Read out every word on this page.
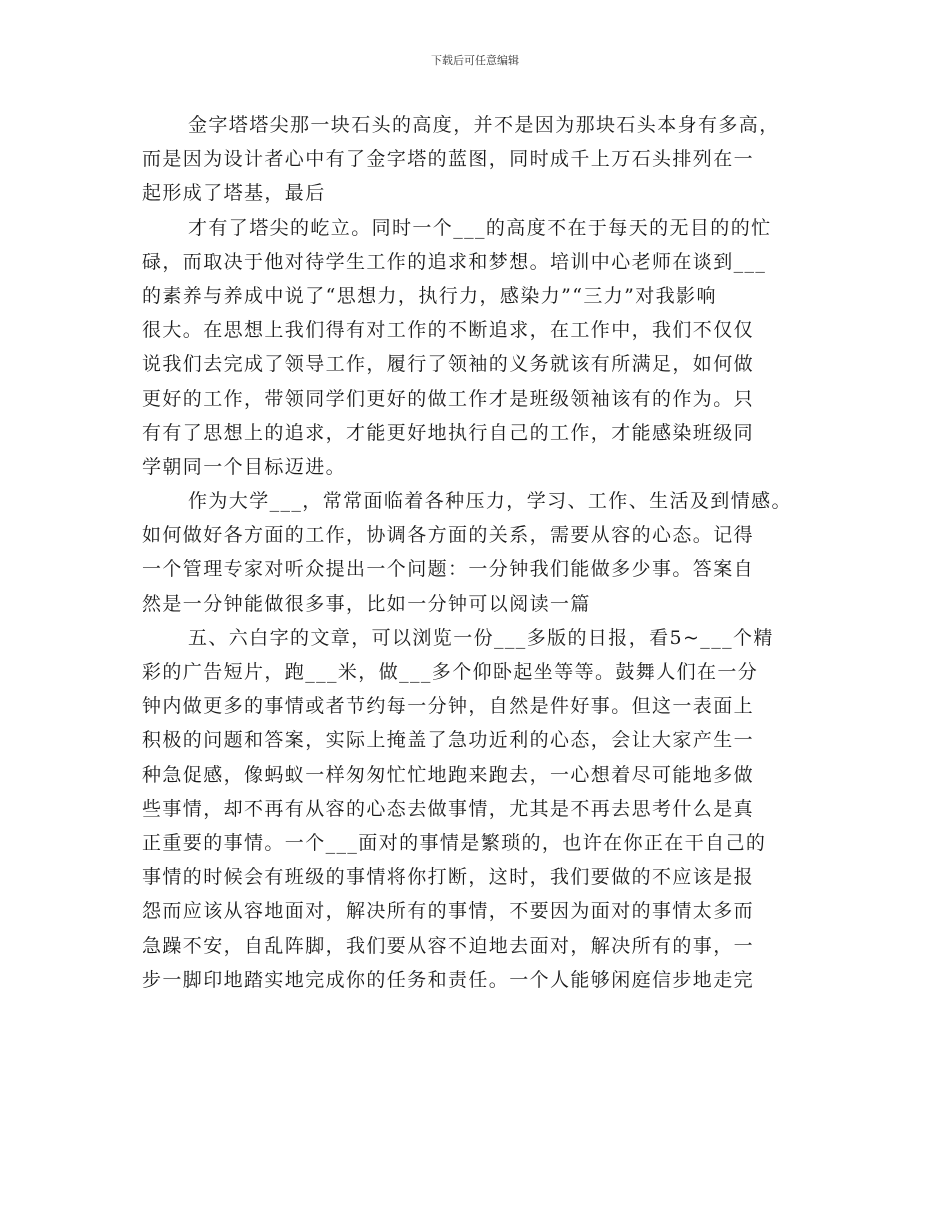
下载后可任意编辑
金字塔塔尖那一块石头的高度，并不是因为那块石头本身有多高，
而是因为设计者心中有了金字塔的蓝图，同时成千上万石头排列在一
起形成了塔基，最后
才有了塔尖的屹立。同时一个___的高度不在于每天的无目的的忙
碌，而取决于他对待学生工作的追求和梦想。培训中心老师在谈到___
的素养与养成中说了“思想力，执行力，感染力”“三力”对我影响
很大。在思想上我们得有对工作的不断追求，在工作中，我们不仅仅
说我们去完成了领导工作，履行了领袖的义务就该有所满足，如何做
更好的工作，带领同学们更好的做工作才是班级领袖该有的作为。只
有有了思想上的追求，才能更好地执行自己的工作，才能感染班级同
学朝同一个目标迈进。
作为大学___，常常面临着各种压力，学习、工作、生活及到情感。
如何做好各方面的工作，协调各方面的关系，需要从容的心态。记得
一个管理专家对听众提出一个问题：一分钟我们能做多少事。答案自
然是一分钟能做很多事，比如一分钟可以阅读一篇
五、六白字的文章，可以浏览一份___多版的日报，看5~___个精
彩的广告短片，跑___米，做___多个仰卧起坐等等。鼓舞人们在一分
钟内做更多的事情或者节约每一分钟，自然是件好事。但这一表面上
积极的问题和答案，实际上掩盖了急功近利的心态，会让大家产生一
种急促感，像蚂蚁一样匆匆忙忙地跑来跑去，一心想着尽可能地多做
些事情，却不再有从容的心态去做事情，尤其是不再去思考什么是真
正重要的事情。一个___面对的事情是繁琐的，也许在你正在干自己的
事情的时候会有班级的事情将你打断，这时，我们要做的不应该是报
怨而应该从容地面对，解决所有的事情，不要因为面对的事情太多而
急躁不安，自乱阵脚，我们要从容不迫地去面对，解决所有的事，一
步一脚印地踏实地完成你的任务和责任。一个人能够闲庭信步地走完
